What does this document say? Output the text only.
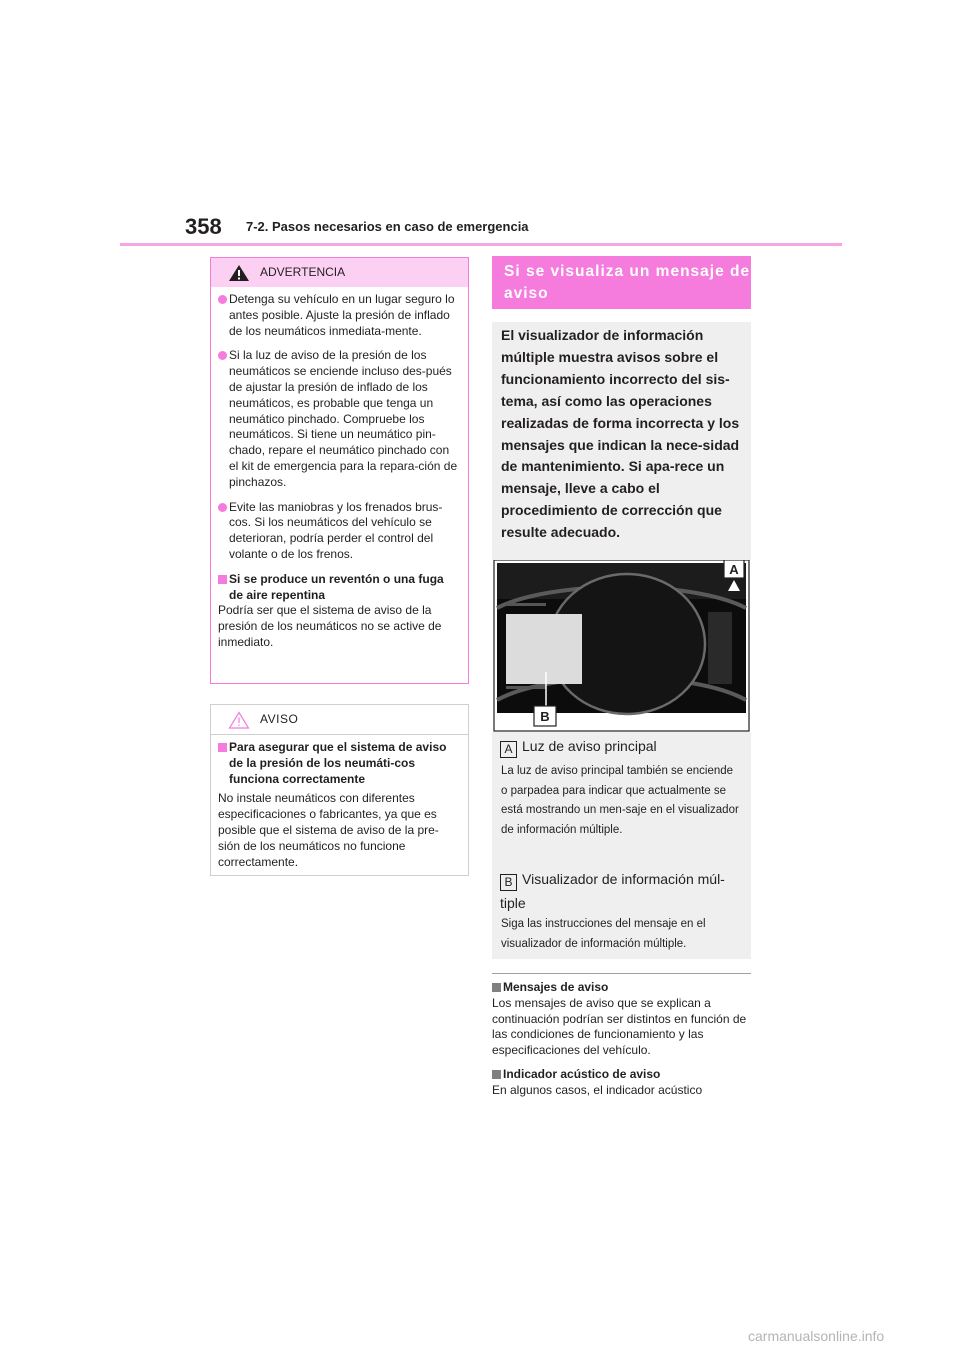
358 7-2. Pasos necesarios en caso de emergencia
ADVERTENCIA
Detenga su vehículo en un lugar seguro lo antes posible. Ajuste la presión de inflado de los neumáticos inmediata-mente.
Si la luz de aviso de la presión de los neumáticos se enciende incluso des-pués de ajustar la presión de inflado de los neumáticos, es probable que tenga un neumático pinchado. Compruebe los neumáticos. Si tiene un neumático pin-chado, repare el neumático pinchado con el kit de emergencia para la repara-ción de pinchazos.
Evite las maniobras y los frenados brus-cos. Si los neumáticos del vehículo se deterioran, podría perder el control del volante o de los frenos.
Si se produce un reventón o una fuga de aire repentina
Podría ser que el sistema de aviso de la presión de los neumáticos no se active de inmediato.
AVISO
Para asegurar que el sistema de aviso de la presión de los neumáti-cos funciona correctamente
No instale neumáticos con diferentes especificaciones o fabricantes, ya que es posible que el sistema de aviso de la pre-sión de los neumáticos no funcione correctamente.
Si se visualiza un mensaje de aviso
El visualizador de información múltiple muestra avisos sobre el funcionamiento incorrecto del sis-tema, así como las operaciones realizadas de forma incorrecta y los mensajes que indican la nece-sidad de mantenimiento. Si apa-rece un mensaje, lleve a cabo el procedimiento de corrección que resulte adecuado.
A
B
A Luz de aviso principal
La luz de aviso principal también se enciende o parpadea para indicar que actualmente se está mostrando un men-saje en el visualizador de información múltiple.
B Visualizador de información múl-tiple
Siga las instrucciones del mensaje en el visualizador de información múltiple.
Mensajes de aviso
Los mensajes de aviso que se explican a continuación podrían ser distintos en función de las condiciones de funcionamiento y las especificaciones del vehículo.
Indicador acústico de aviso
En algunos casos, el indicador acústico
carmanualsonline.info
